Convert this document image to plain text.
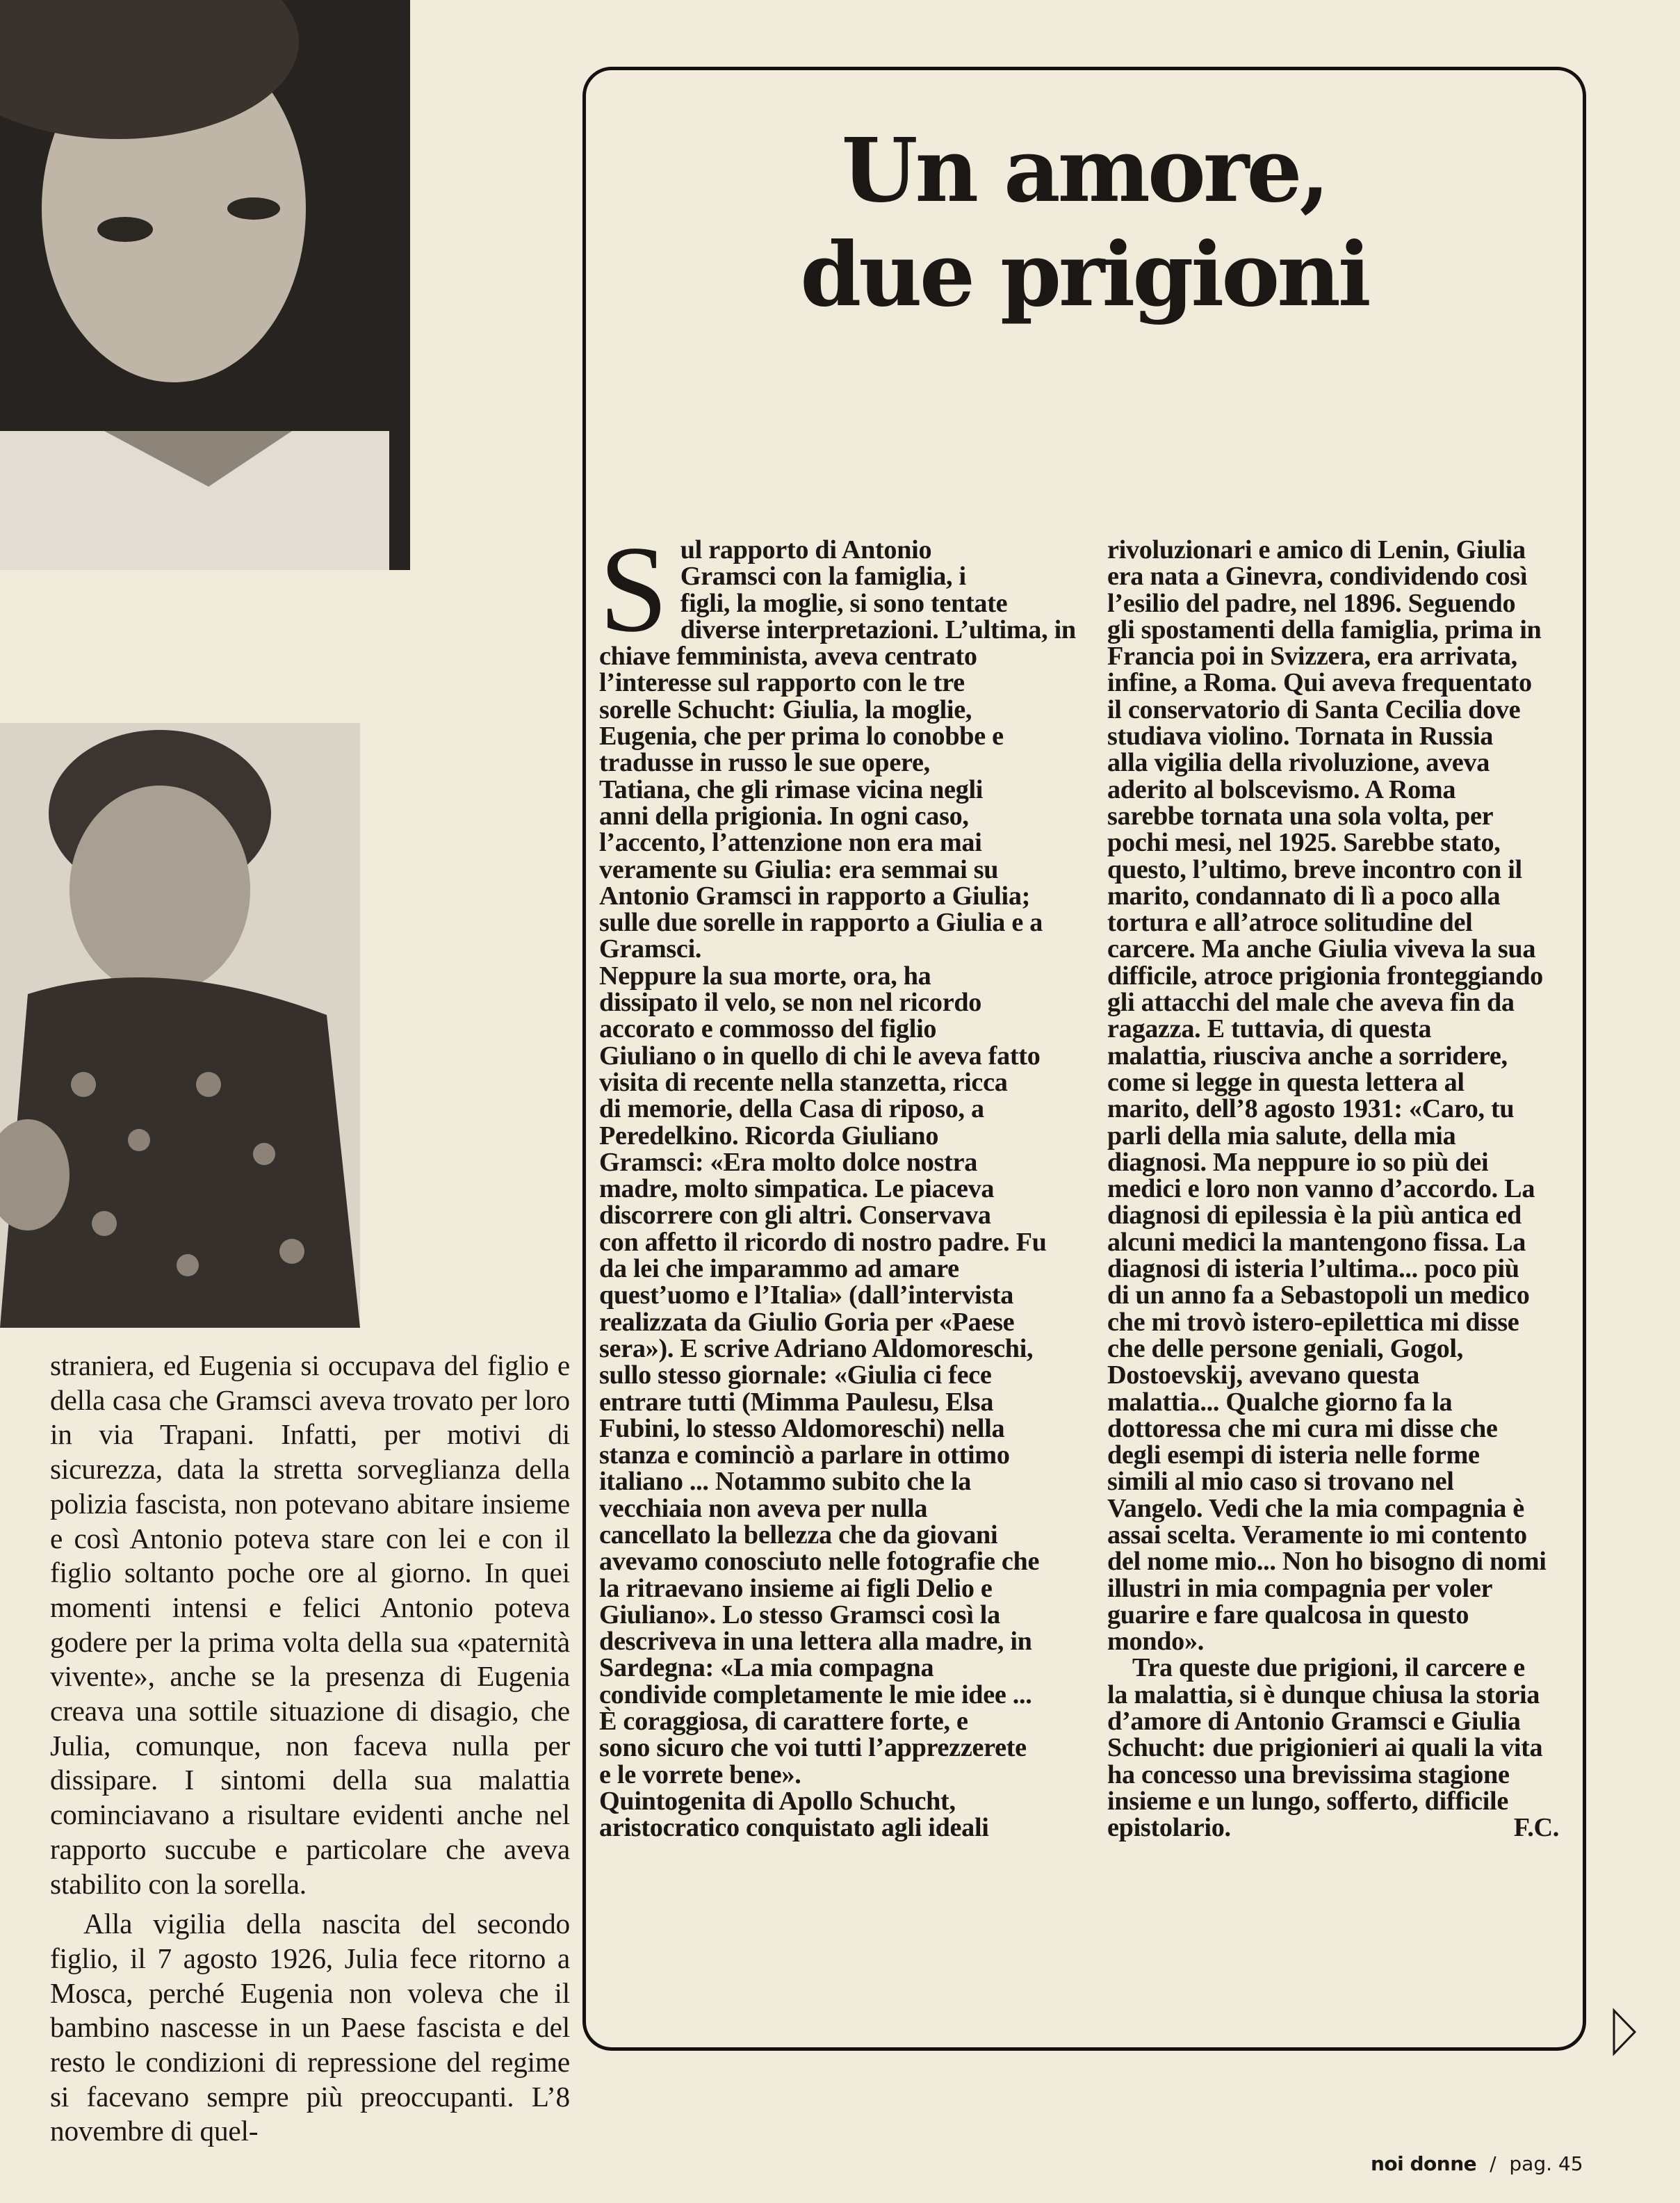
straniera, ed Eugenia si occupava del figlio e della casa che Gramsci aveva trovato per loro in via Trapani. Infatti, per motivi di sicurezza, data la stretta sorveglianza della polizia fascista, non potevano abitare insieme e così Antonio poteva stare con lei e con il figlio soltanto poche ore al giorno. In quei momenti intensi e felici Antonio poteva godere per la prima volta della sua «paternità vivente», anche se la presenza di Eugenia creava una sottile situazione di disagio, che Julia, comunque, non faceva nulla per dissipare. I sintomi della sua malattia cominciavano a risultare evidenti anche nel rapporto succube e particolare che aveva stabilito con la sorella.

Alla vigilia della nascita del secondo figlio, il 7 agosto 1926, Julia fece ritorno a Mosca, perché Eugenia non voleva che il bambino nascesse in un Paese fascista e del resto le condizioni di repressione del regime si facevano sempre più preoccupanti. L’8 novembre di quel-

Un amore,
due prigioni
S ul rapporto di Antonio
Gramsci con la famiglia, i
figli, la moglie, si sono tentate
diverse interpretazioni. L’ultima, in
chiave femminista, aveva centrato
l’interesse sul rapporto con le tre
sorelle Schucht: Giulia, la moglie,
Eugenia, che per prima lo conobbe e
tradusse in russo le sue opere,
Tatiana, che gli rimase vicina negli
anni della prigionia. In ogni caso,
l’accento, l’attenzione non era mai
veramente su Giulia: era semmai su
Antonio Gramsci in rapporto a Giulia;
sulle due sorelle in rapporto a Giulia e a
Gramsci.
Neppure la sua morte, ora, ha
dissipato il velo, se non nel ricordo
accorato e commosso del figlio
Giuliano o in quello di chi le aveva fatto
visita di recente nella stanzetta, ricca
di memorie, della Casa di riposo, a
Peredelkino. Ricorda Giuliano
Gramsci: «Era molto dolce nostra
madre, molto simpatica. Le piaceva
discorrere con gli altri. Conservava
con affetto il ricordo di nostro padre. Fu
da lei che imparammo ad amare
quest’uomo e l’Italia» (dall’intervista
realizzata da Giulio Goria per «Paese
sera»). E scrive Adriano Aldomoreschi,
sullo stesso giornale: «Giulia ci fece
entrare tutti (Mimma Paulesu, Elsa
Fubini, lo stesso Aldomoreschi) nella
stanza e cominciò a parlare in ottimo
italiano ... Notammo subito che la
vecchiaia non aveva per nulla
cancellato la bellezza che da giovani
avevamo conosciuto nelle fotografie che
la ritraevano insieme ai figli Delio e
Giuliano». Lo stesso Gramsci così la
descriveva in una lettera alla madre, in
Sardegna: «La mia compagna
condivide completamente le mie idee ...
È coraggiosa, di carattere forte, e
sono sicuro che voi tutti l’apprezzerete
e le vorrete bene».
Quintogenita di Apollo Schucht,
aristocratico conquistato agli ideali
rivoluzionari e amico di Lenin, Giulia
era nata a Ginevra, condividendo così
l’esilio del padre, nel 1896. Seguendo
gli spostamenti della famiglia, prima in
Francia poi in Svizzera, era arrivata,
infine, a Roma. Qui aveva frequentato
il conservatorio di Santa Cecilia dove
studiava violino. Tornata in Russia
alla vigilia della rivoluzione, aveva
aderito al bolscevismo. A Roma
sarebbe tornata una sola volta, per
pochi mesi, nel 1925. Sarebbe stato,
questo, l’ultimo, breve incontro con il
marito, condannato di lì a poco alla
tortura e all’atroce solitudine del
carcere. Ma anche Giulia viveva la sua
difficile, atroce prigionia fronteggiando
gli attacchi del male che aveva fin da
ragazza. E tuttavia, di questa
malattia, riusciva anche a sorridere,
come si legge in questa lettera al
marito, dell’8 agosto 1931: «Caro, tu
parli della mia salute, della mia
diagnosi. Ma neppure io so più dei
medici e loro non vanno d’accordo. La
diagnosi di epilessia è la più antica ed
alcuni medici la mantengono fissa. La
diagnosi di isteria l’ultima... poco più
di un anno fa a Sebastopoli un medico
che mi trovò istero-epilettica mi disse
che delle persone geniali, Gogol,
Dostoevskij, avevano questa
malattia... Qualche giorno fa la
dottoressa che mi cura mi disse che
degli esempi di isteria nelle forme
simili al mio caso si trovano nel
Vangelo. Vedi che la mia compagnia è
assai scelta. Veramente io mi contento
del nome mio... Non ho bisogno di nomi
illustri in mia compagnia per voler
guarire e fare qualcosa in questo
mondo».
Tra queste due prigioni, il carcere e
la malattia, si è dunque chiusa la storia
d’amore di Antonio Gramsci e Giulia
Schucht: due prigionieri ai quali la vita
ha concesso una brevissima stagione
insieme e un lungo, sofferto, difficile
epistolario.	F.C.
noi donne / pag. 45
